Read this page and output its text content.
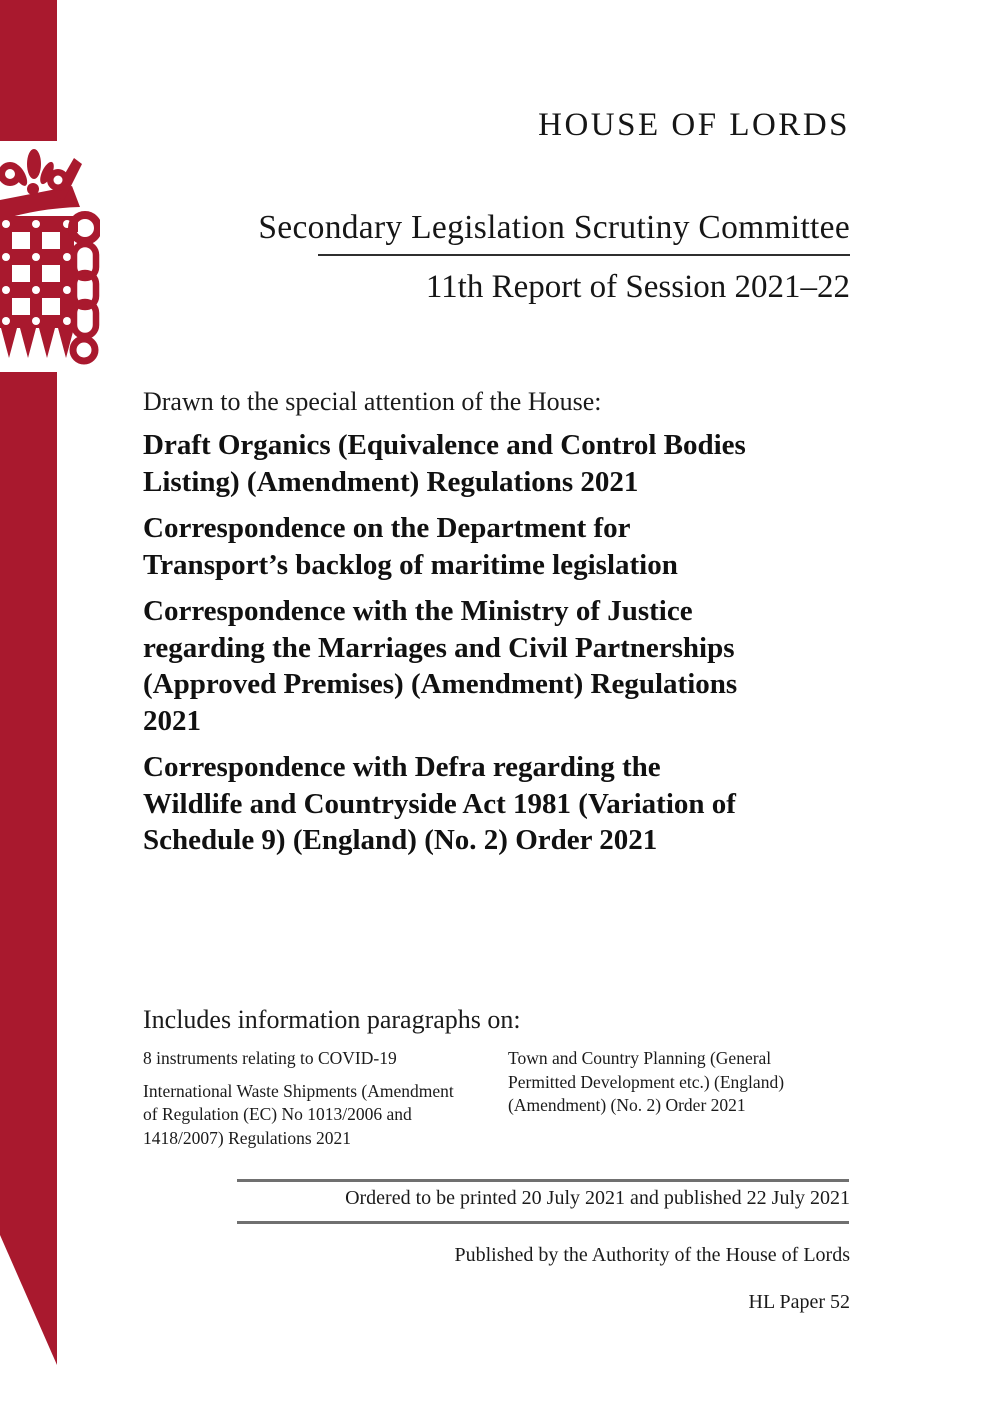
HOUSE OF LORDS
Secondary Legislation Scrutiny Committee
11th Report of Session 2021–22
Drawn to the special attention of the House:
Draft Organics (Equivalence and Control Bodies
Listing) (Amendment) Regulations 2021
Correspondence on the Department for
Transport’s backlog of maritime legislation
Correspondence with the Ministry of Justice
regarding the Marriages and Civil Partnerships
(Approved Premises) (Amendment) Regulations
2021
Correspondence with Defra regarding the
Wildlife and Countryside Act 1981 (Variation of
Schedule 9) (England) (No. 2) Order 2021
Includes information paragraphs on:
8 instruments relating to COVID-19
International Waste Shipments (Amendment
of Regulation (EC) No 1013/2006 and
1418/2007) Regulations 2021
Town and Country Planning (General
Permitted Development etc.) (England)
(Amendment) (No. 2) Order 2021
Ordered to be printed 20 July 2021 and published 22 July 2021
Published by the Authority of the House of Lords
HL Paper 52
